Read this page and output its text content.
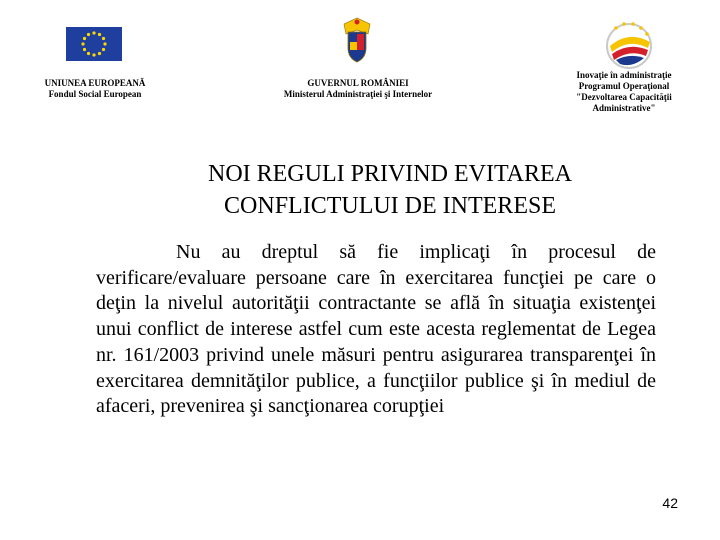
UNIUNEA EUROPEANĂ
Fondul Social European
GUVERNUL ROMÂNIEI
Ministerul Administraţiei şi Internelor
Inovaţie în administraţie
Programul Operaţional
"Dezvoltarea Capacităţii
Administrative"
NOI REGULI PRIVIND EVITAREA
CONFLICTULUI DE INTERESE
Nu au dreptul să fie implicaţi în procesul de verificare/evaluare persoane care în exercitarea funcţiei pe care o deţin la nivelul autorităţii contractante se află în situaţia existenţei unui conflict de interese astfel cum este acesta reglementat de Legea nr. 161/2003 privind unele măsuri pentru asigurarea transparenţei în exercitarea demnităţilor publice, a funcţiilor publice şi în mediul de afaceri, prevenirea şi sancţionarea corupţiei
42
